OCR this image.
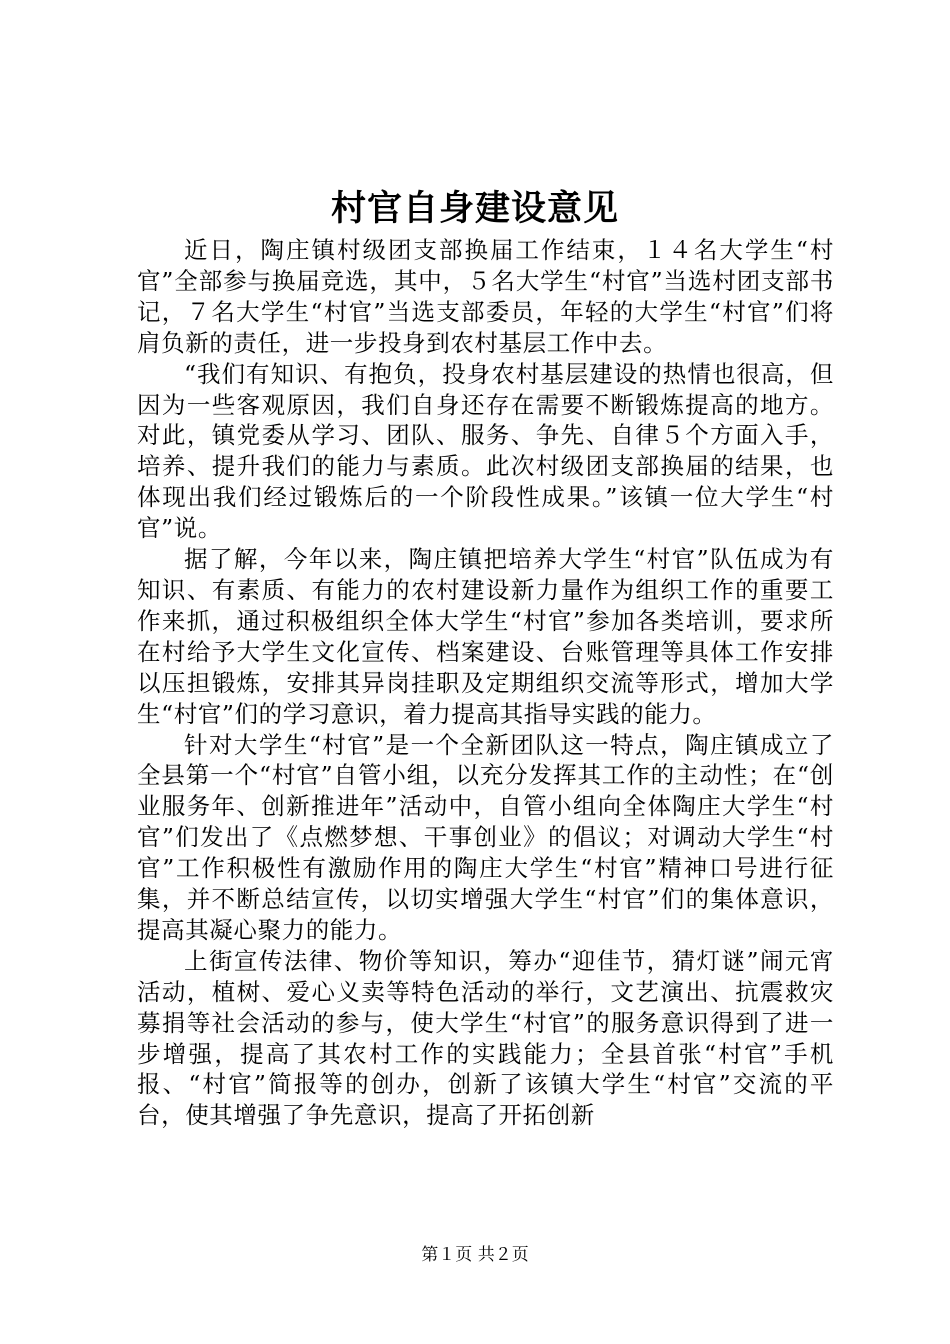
村官自身建设意见

近日，陶庄镇村级团支部换届工作结束，１４名大学生“村官”全部参与换届竞选，其中，５名大学生“村官”当选村团支部书记，７名大学生“村官”当选支部委员，年轻的大学生“村官”们将肩负新的责任，进一步投身到农村基层工作中去。

“我们有知识、有抱负，投身农村基层建设的热情也很高，但因为一些客观原因，我们自身还存在需要不断锻炼提高的地方。对此，镇党委从学习、团队、服务、争先、自律５个方面入手，培养、提升我们的能力与素质。此次村级团支部换届的结果，也体现出我们经过锻炼后的一个阶段性成果。”该镇一位大学生“村官”说。

据了解，今年以来，陶庄镇把培养大学生“村官”队伍成为有知识、有素质、有能力的农村建设新力量作为组织工作的重要工作来抓，通过积极组织全体大学生“村官”参加各类培训，要求所在村给予大学生文化宣传、档案建设、台账管理等具体工作安排以压担锻炼，安排其异岗挂职及定期组织交流等形式，增加大学生“村官”们的学习意识，着力提高其指导实践的能力。

针对大学生“村官”是一个全新团队这一特点，陶庄镇成立了全县第一个“村官”自管小组，以充分发挥其工作的主动性；在“创业服务年、创新推进年”活动中，自管小组向全体陶庄大学生“村官”们发出了《点燃梦想、干事创业》的倡议；对调动大学生“村官”工作积极性有激励作用的陶庄大学生“村官”精神口号进行征集，并不断总结宣传，以切实增强大学生“村官”们的集体意识，提高其凝心聚力的能力。

上街宣传法律、物价等知识，筹办“迎佳节，猜灯谜”闹元宵活动，植树、爱心义卖等特色活动的举行，文艺演出、抗震救灾募捐等社会活动的参与，使大学生“村官”的服务意识得到了进一步增强，提高了其农村工作的实践能力；全县首张“村官”手机报、“村官”简报等的创办，创新了该镇大学生“村官”交流的平台，使其增强了争先意识，提高了开拓创新

第１页 共２页
